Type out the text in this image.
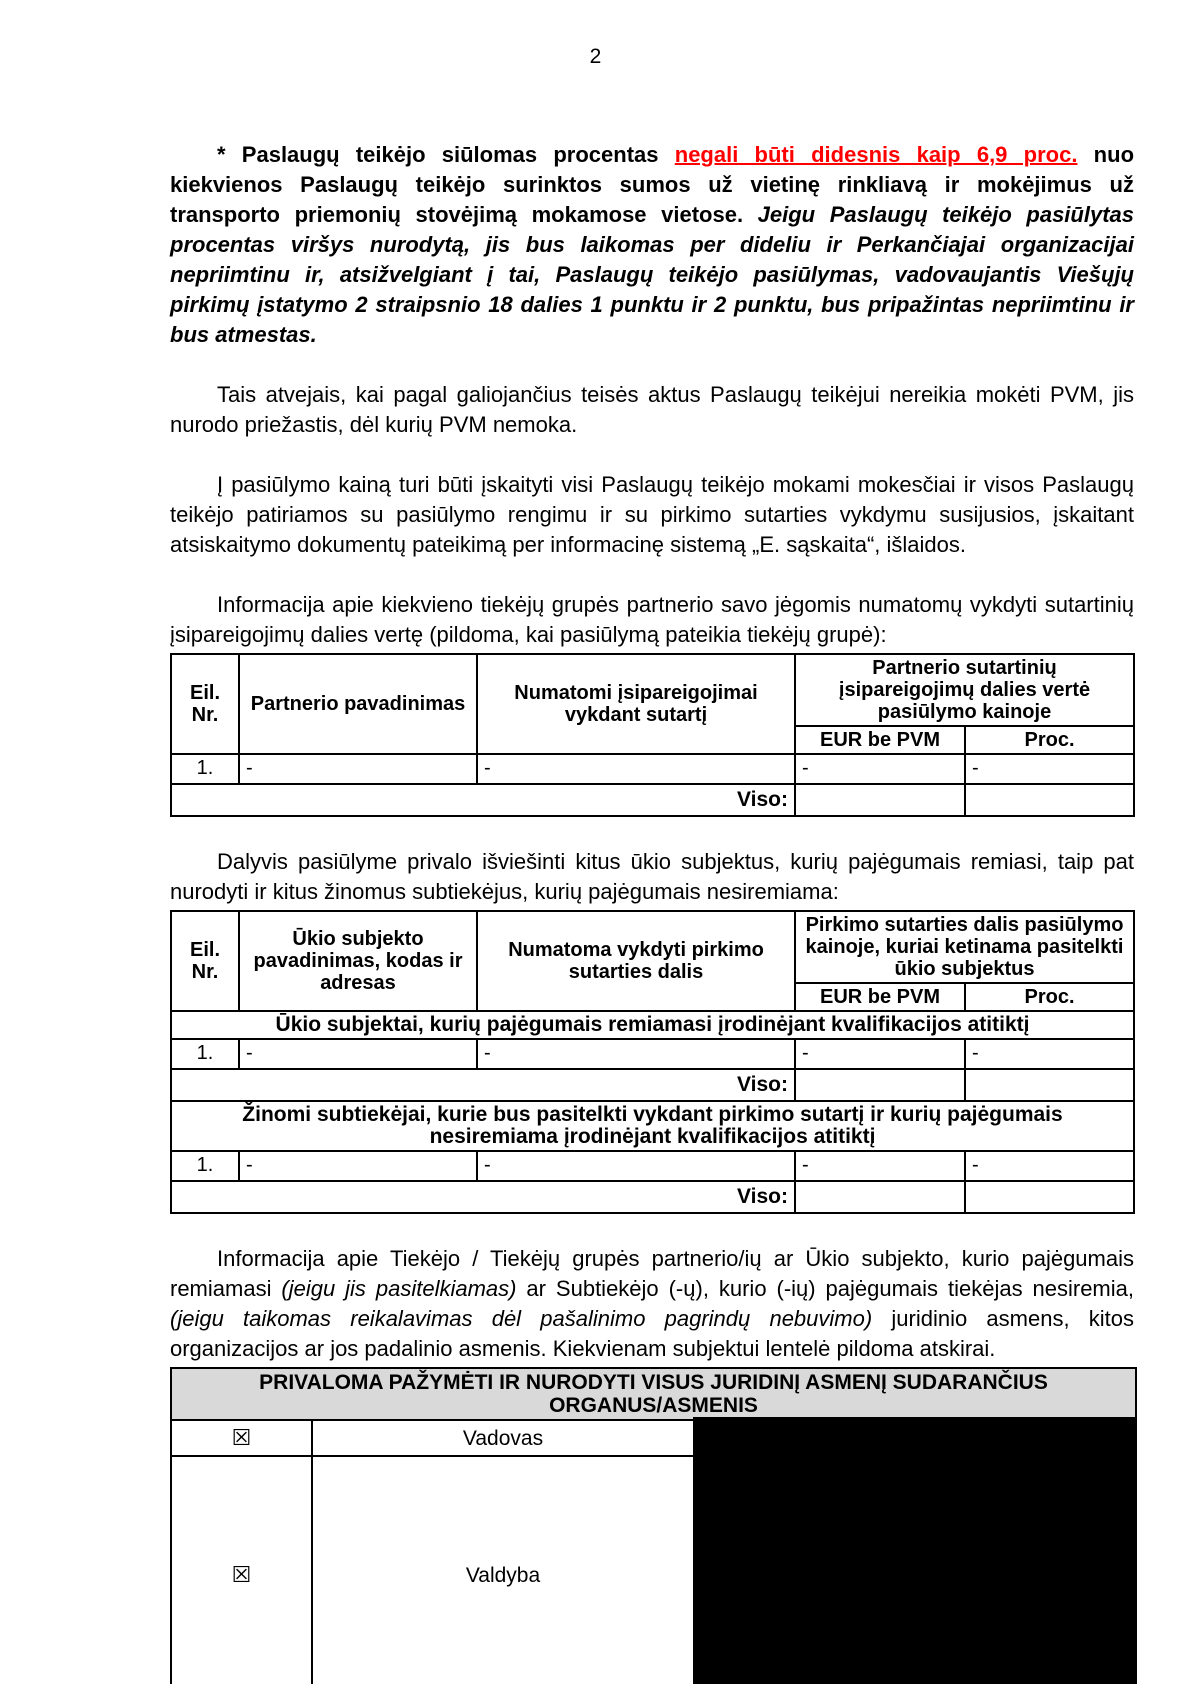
2

* Paslaugų teikėjo siūlomas procentas negali būti didesnis kaip 6,9 proc. nuo kiekvienos Paslaugų teikėjo surinktos sumos už vietinę rinkliavą ir mokėjimus už transporto priemonių stovėjimą mokamose vietose. Jeigu Paslaugų teikėjo pasiūlytas procentas viršys nurodytą, jis bus laikomas per dideliu ir Perkančiajai organizacijai nepriimtinu ir, atsižvelgiant į tai, Paslaugų teikėjo pasiūlymas, vadovaujantis Viešųjų pirkimų įstatymo 2 straipsnio 18 dalies 1 punktu ir 2 punktu, bus pripažintas nepriimtinu ir bus atmestas.

Tais atvejais, kai pagal galiojančius teisės aktus Paslaugų teikėjui nereikia mokėti PVM, jis nurodo priežastis, dėl kurių PVM nemoka.

Į pasiūlymo kainą turi būti įskaityti visi Paslaugų teikėjo mokami mokesčiai ir visos Paslaugų teikėjo patiriamos su pasiūlymo rengimu ir su pirkimo sutarties vykdymu susijusios, įskaitant atsiskaitymo dokumentų pateikimą per informacinę sistemą „E. sąskaita“, išlaidos.

Informacija apie kiekvieno tiekėjų grupės partnerio savo jėgomis numatomų vykdyti sutartinių įsipareigojimų dalies vertę (pildoma, kai pasiūlymą pateikia tiekėjų grupė):

Eil. Nr.	Partnerio pavadinimas	Numatomi įsipareigojimai vykdant sutartį	Partnerio sutartinių įsipareigojimų dalies vertė pasiūlymo kainoje	
			EUR be PVM	Proc.
1.	-	-	-	-
Viso:				

Dalyvis pasiūlyme privalo išviešinti kitus ūkio subjektus, kurių pajėgumais remiasi, taip pat nurodyti ir kitus žinomus subtiekėjus, kurių pajėgumais nesiremiama:

Eil. Nr.	Ūkio subjekto pavadinimas, kodas ir adresas	Numatoma vykdyti pirkimo sutarties dalis	Pirkimo sutarties dalis pasiūlymo kainoje, kuriai ketinama pasitelkti ūkio subjektus	
			EUR be PVM	Proc.
Ūkio subjektai, kurių pajėgumais remiamasi įrodinėjant kvalifikacijos atitiktį				
1.	-	-	-	-
Viso:				
Žinomi subtiekėjai, kurie bus pasitelkti vykdant pirkimo sutartį ir kurių pajėgumais nesiremiama įrodinėjant kvalifikacijos atitiktį				
1.	-	-	-	-
Viso:				

Informacija apie Tiekėjo / Tiekėjų grupės partnerio/ių ar Ūkio subjekto, kurio pajėgumais remiamasi (jeigu jis pasitelkiamas) ar Subtiekėjo (-ų), kurio (-ių) pajėgumais tiekėjas nesiremia, (jeigu taikomas reikalavimas dėl pašalinimo pagrindų nebuvimo) juridinio asmens, kitos organizacijos ar jos padalinio asmenis. Kiekvienam subjektui lentelė pildoma atskirai.

PRIVALOMA PAŽYMĖTI IR NURODYTI VISUS JURIDINĮ ASMENĮ SUDARANČIUS ORGANUS/ASMENIS		
☒	Vadovas	
☒	Valdyba	
